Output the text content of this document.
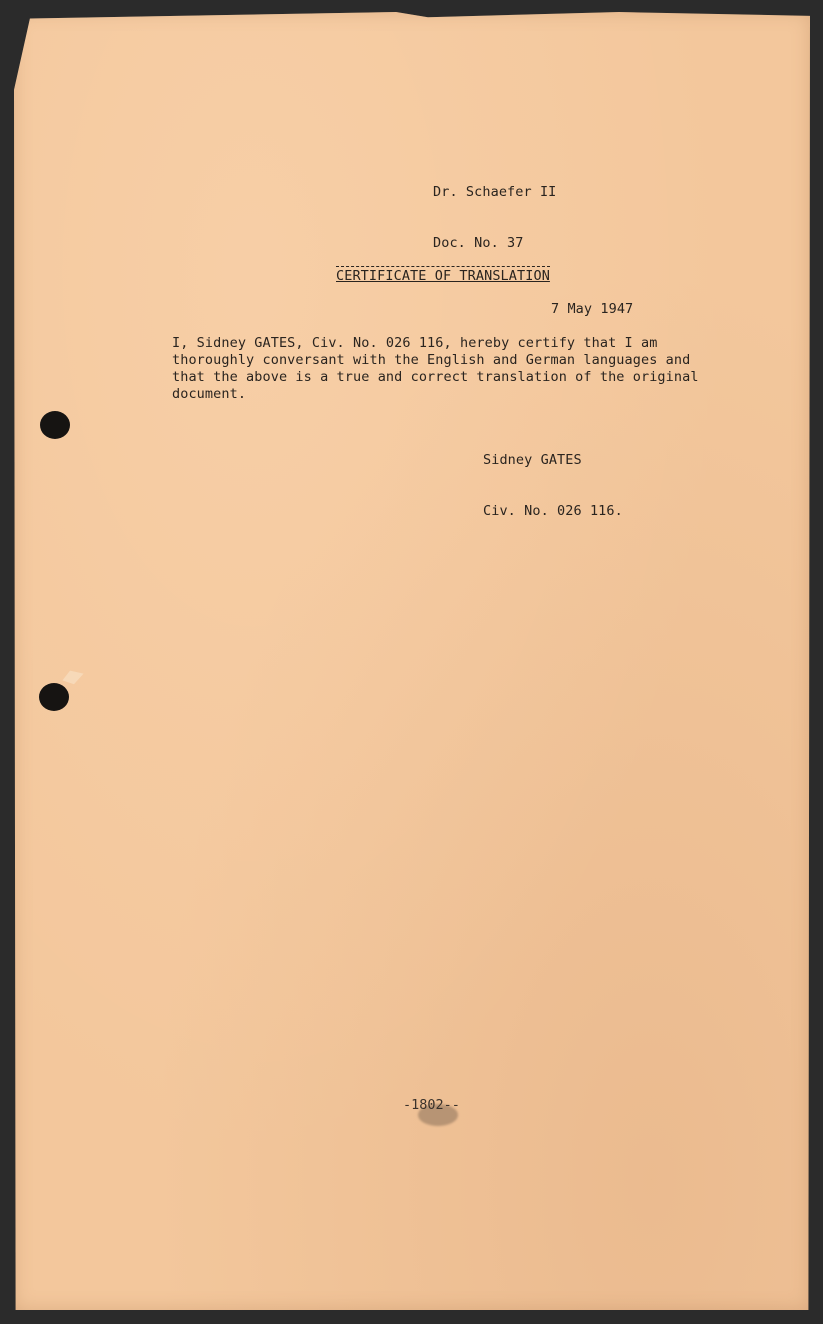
Dr. Schaefer II

Doc. No. 37

CERTIFICATE OF TRANSLATION
7 May 1947
I, Sidney GATES, Civ. No. 026 116, hereby certify that I am
thoroughly conversant with the English and German languages and
that the above is a true and correct translation of the original
document.

Sidney GATES

Civ. No. 026 116.

-1802--
